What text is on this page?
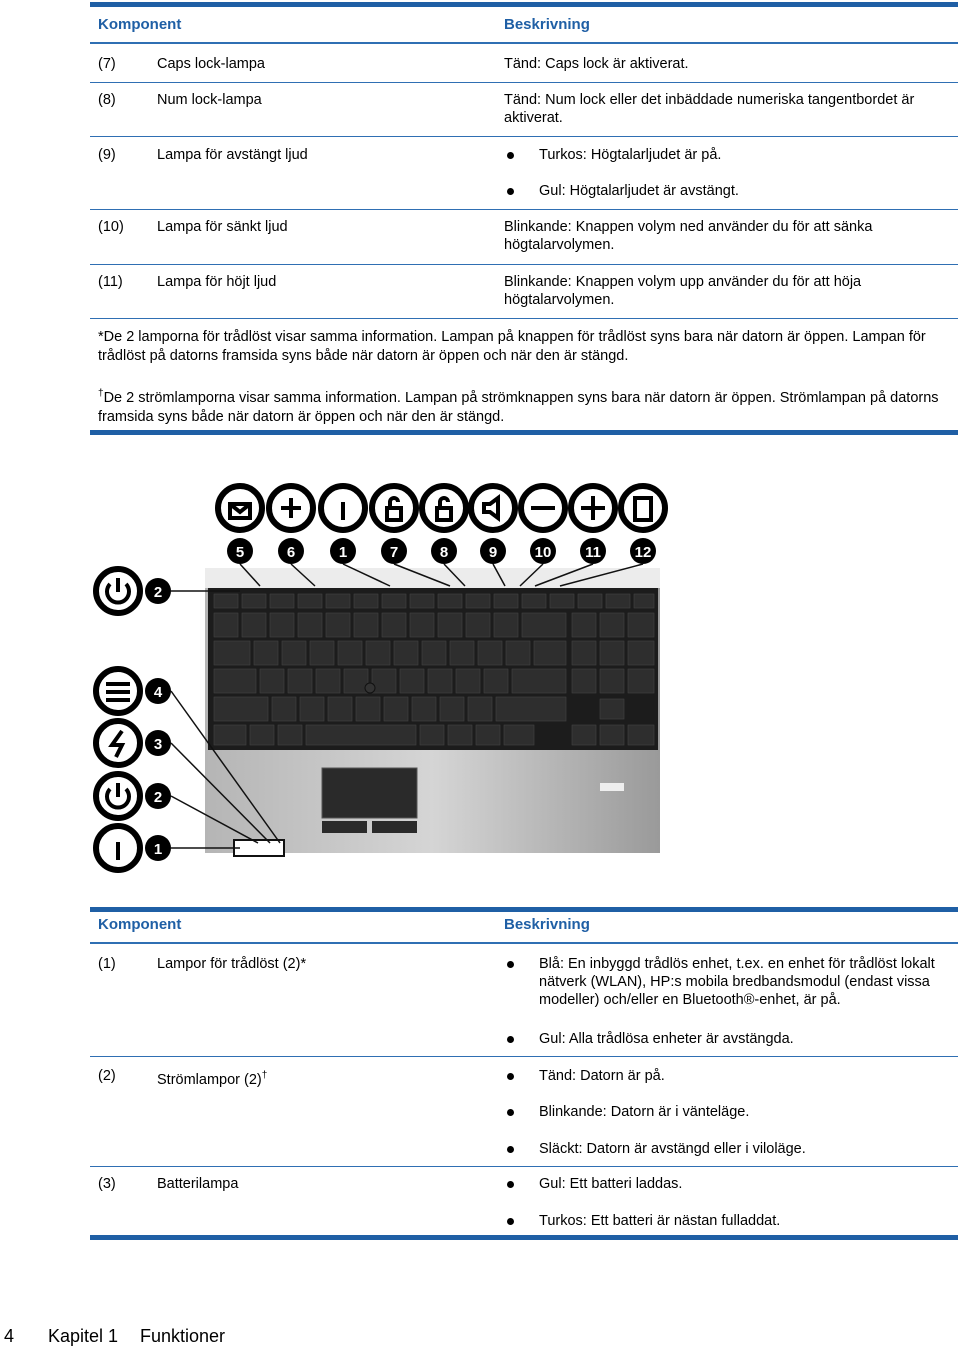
Komponent	Beskrivning
(7)	Caps lock-lampa	Tänd: Caps lock är aktiverat.
(8)	Num lock-lampa	Tänd: Num lock eller det inbäddade numeriska tangentbordet är aktiverat.
(9)	Lampa för avstängt ljud	Turkos: Högtalarljudet är på.
Gul: Högtalarljudet är avstängt.
(10) Lampa för sänkt ljud	Blinkande: Knappen volym ned använder du för att sänka högtalarvolymen.
(11) Lampa för höjt ljud	Blinkande: Knappen volym upp använder du för att höja högtalarvolymen.
*De 2 lamporna för trådlöst visar samma information. Lampan på knappen för trådlöst syns bara när datorn är öppen. Lampan för trådlöst på datorns framsida syns både när datorn är öppen och när den är stängd.
†De 2 strömlamporna visar samma information. Lampan på strömknappen syns bara när datorn är öppen. Strömlampan på datorns framsida syns både när datorn är öppen och när den är stängd.
5	6	1	7	8	9 10 11 12
2
4
3
2
1
Komponent	Beskrivning
(1)	Lampor för trådlöst (2)*	Blå: En inbyggd trådlös enhet, t.ex. en enhet för trådlöst lokalt nätverk (WLAN), HP:s mobila bredbandsmodul (endast vissa modeller) och/eller en Bluetooth®-enhet, är på.
Gul: Alla trådlösa enheter är avstängda.
(2)	Strömlampor (2)†	Tänd: Datorn är på.
Blinkande: Datorn är i vänteläge.
Släckt: Datorn är avstängd eller i viloläge.
(3)	Batterilampa	Gul: Ett batteri laddas.
Turkos: Ett batteri är nästan fulladdat.
4 Kapitel 1 Funktioner
